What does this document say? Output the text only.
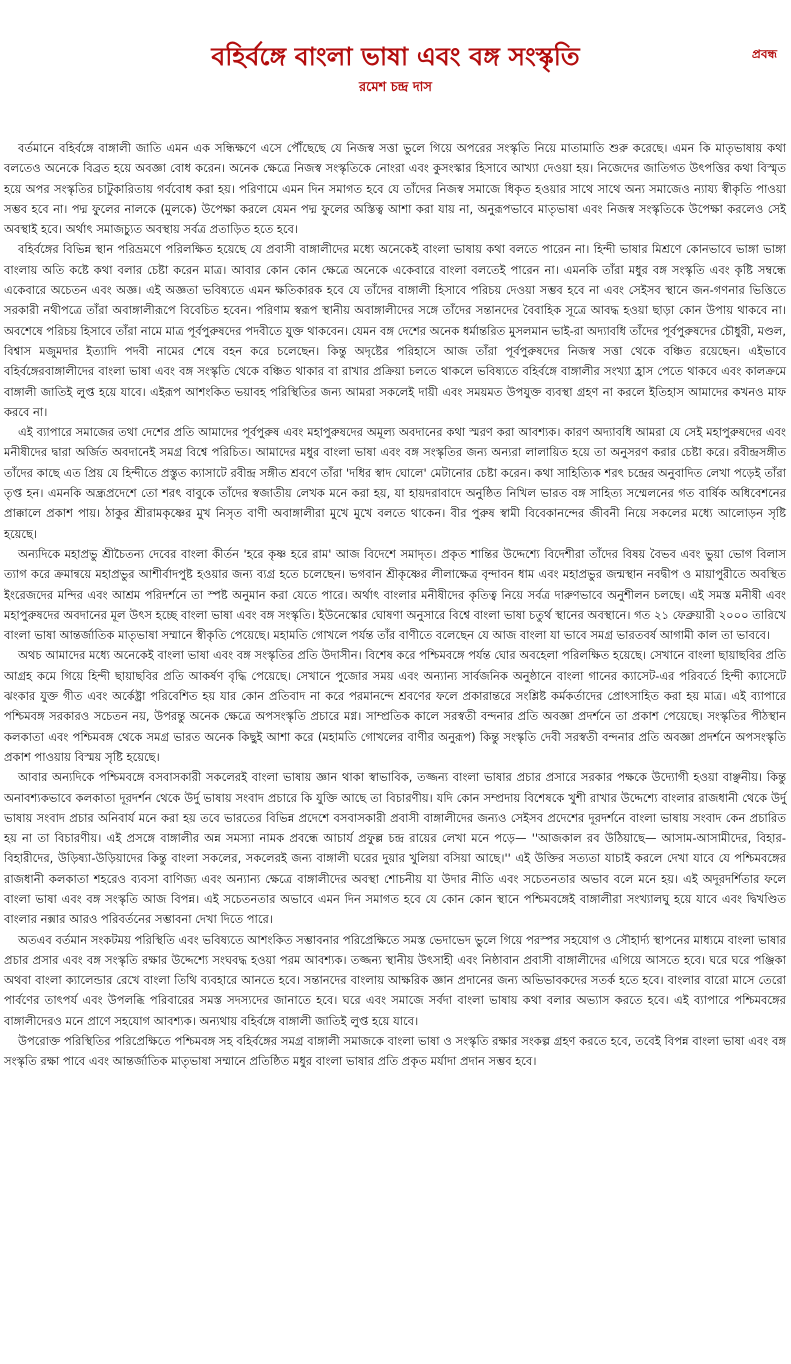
প্রবন্ধ
বহির্বঙ্গে বাংলা ভাষা এবং বঙ্গ সংস্কৃতি
রমেশ চন্দ্র দাস

বর্তমানে বহির্বঙ্গে বাঙ্গালী জাতি এমন এক সন্ধিক্ষণে এসে পৌঁছেছে যে নিজস্ব সত্তা ভুলে গিয়ে অপরের সংস্কৃতি নিয়ে মাতামাতি শুরু করেছে। এমন কি মাতৃভাষায় কথা বলতেও অনেকে বিব্রত হয়ে অবজ্ঞা বোধ করেন। অনেক ক্ষেত্রে নিজস্ব সংস্কৃতিকে নোংরা এবং কুসংস্কার হিসাবে আখ্যা দেওয়া হয়। নিজেদের জাতিগত উৎপত্তির কথা বিস্মৃত হয়ে অপর সংস্কৃতির চাটুকারিতায় গর্ববোধ করা হয়। পরিণামে এমন দিন সমাগত হবে যে তাঁদের নিজস্ব সমাজে ধিকৃত হওয়ার সাথে সাথে অন্য সমাজেও ন্যায্য স্বীকৃতি পাওয়া সম্ভব হবে না। পদ্ম ফুলের নালকে (মুলকে) উপেক্ষা করলে যেমন পদ্ম ফুলের অস্তিত্ব আশা করা যায় না, অনুরূপভাবে মাতৃভাষা এবং নিজস্ব সংস্কৃতিকে উপেক্ষা করলেও সেই অবস্থাই হবে। অর্থাৎ সমাজচ্যুত অবস্থায় সর্বত্র প্রতাড়িত হতে হবে।

বহির্বঙ্গের বিভিন্ন স্থান পরিভ্রমণে পরিলক্ষিত হয়েছে যে প্রবাসী বাঙ্গালীদের মধ্যে অনেকেই বাংলা ভাষায় কথা বলতে পারেন না। হিন্দী ভাষার মিশ্রণে কোনভাবে ভাঙ্গা ভাঙ্গা বাংলায় অতি কষ্টে কথা বলার চেষ্টা করেন মাত্র। আবার কোন কোন ক্ষেত্রে অনেকে একেবারে বাংলা বলতেই পারেন না। এমনকি তাঁরা মধুর বঙ্গ সংস্কৃতি এবং কৃষ্টি সম্বন্ধে একেবারে অচেতন এবং অজ্ঞ। এই অজ্ঞতা ভবিষ্যতে এমন ক্ষতিকারক হবে যে তাঁদের বাঙ্গালী হিসাবে পরিচয় দেওয়া সম্ভব হবে না এবং সেইসব স্থানে জন-গণনার ভিত্তিতে সরকারী নথীপত্রে তাঁরা অবাঙ্গালীরূপে বিবেচিত হবেন। পরিণাম স্বরূপ স্থানীয় অবাঙ্গালীদের সঙ্গে তাঁদের সন্তানদের বৈবাহিক সূত্রে আবদ্ধ হওয়া ছাড়া কোন উপায় থাকবে না। অবশেষে পরিচয় হিসাবে তাঁরা নামে মাত্র পূর্বপুরুষদের পদবীতে যুক্ত থাকবেন। যেমন বঙ্গ দেশের অনেক ধর্মান্তরিত মুসলমান ভাই-রা অদ্যাবধি তাঁদের পূর্বপুরুষদের চৌধুরী, মণ্ডল, বিশ্বাস মজুমদার ইত্যাদি পদবী নামের শেষে বহন করে চলেছেন। কিন্তু অদৃষ্টের পরিহাসে আজ তাঁরা পূর্বপুরুষদের নিজস্ব সত্তা থেকে বঞ্চিত রয়েছেন। এইভাবে বহির্বঙ্গেরবাঙ্গালীদের বাংলা ভাষা এবং বঙ্গ সংস্কৃতি থেকে বঞ্চিত থাকার বা রাখার প্রক্রিয়া চলতে থাকলে ভবিষ্যতে বহির্বঙ্গে বাঙ্গালীর সংখ্যা হ্রাস পেতে থাকবে এবং কালক্রমে বাঙ্গালী জাতিই লুপ্ত হয়ে যাবে। এইরূপ আশংকিত ভয়াবহ পরিস্থিতির জন্য আমরা সকলেই দায়ী এবং সময়মত উপযুক্ত ব্যবস্থা গ্রহণ না করলে ইতিহাস আমাদের কখনও মাফ করবে না।

এই ব্যাপারে সমাজের তথা দেশের প্রতি আমাদের পূর্বপুরুষ এবং মহাপুরুষদের অমূল্য অবদানের কথা স্মরণ করা আবশ্যক। কারণ অদ্যাবধি আমরা যে সেই মহাপুরুষদের এবং মনীষীদের দ্বারা অর্জিত অবদানেই সমগ্র বিশ্বে পরিচিত। আমাদের মধুর বাংলা ভাষা এবং বঙ্গ সংস্কৃতির জন্য অন্যরা লালায়িত হয়ে তা অনুসরণ করার চেষ্টা করে। রবীন্দ্রসঙ্গীত তাঁদের কাছে এত প্রিয় যে হিন্দীতে প্রস্তুত ক্যাসাটে রবীন্দ্র সঙ্গীত শ্রবণে তাঁরা 'দধির স্বাদ ঘোলে' মেটানোর চেষ্টা করেন। কথা সাহিত্যিক শরৎ চন্দ্রের অনুবাদিত লেখা পড়েই তাঁরা তৃপ্ত হন। এমনকি অন্ধ্রপ্রদেশে তো শরৎ বাবুকে তাঁদের স্বজাতীয় লেখক মনে করা হয়, যা হায়দরাবাদে অনুষ্ঠিত নিখিল ভারত বঙ্গ সাহিত্য সম্মেলনের গত বার্ষিক অধিবেশনের প্রাক্কালে প্রকাশ পায়। ঠাকুর শ্রীরামকৃষ্ণের মুখ নিসৃত বাণী অবাঙ্গালীরা মুখে মুখে বলতে থাকেন। বীর পুরুষ স্বামী বিবেকানন্দের জীবনী নিয়ে সকলের মধ্যে আলোড়ন সৃষ্টি হয়েছে।

অন্যদিকে মহাপ্রভু শ্রীচৈতন্য দেবের বাংলা কীর্তন 'হরে কৃষ্ণ হরে রাম' আজ বিদেশে সমাদৃত। প্রকৃত শান্তির উদ্দেশ্যে বিদেশীরা তাঁদের বিষয় বৈভব এবং ভুয়া ভোগ বিলাস ত্যাগ করে ক্রমান্বয়ে মহাপ্রভুর আশীর্বাদপুষ্ট হওয়ার জন্য ব্যগ্র হতে চলেছেন। ভগবান শ্রীকৃষ্ণের লীলাক্ষেত্র বৃন্দাবন ধাম এবং মহাপ্রভুর জন্মস্থান নবদ্বীপ ও মায়াপুরীতে অবস্থিত ইংরেজদের মন্দির এবং আশ্রম পরিদর্শনে তা স্পষ্ট অনুমান করা যেতে পারে। অর্থাৎ বাংলার মনীষীদের কৃতিত্ব নিয়ে সর্বত্র দারুণভাবে অনুশীলন চলছে। এই সমস্ত মনীষী এবং মহাপুরুষদের অবদানের মূল উৎস হচ্ছে বাংলা ভাষা এবং বঙ্গ সংস্কৃতি। ইউনেস্কোর ঘোষণা অনুসারে বিশ্বে বাংলা ভাষা চতুর্থ স্থানের অবস্থানে। গত ২১ ফেব্রুয়ারী ২০০০ তারিখে বাংলা ভাষা আন্তর্জাতিক মাতৃভাষা সম্মানে স্বীকৃতি পেয়েছে। মহামতি গোখলে পর্যন্ত তাঁর বাণীতে বলেছেন যে আজ বাংলা যা ভাবে সমগ্র ভারতবর্ষ আগামী কাল তা ভাববে।

অথচ আমাদের মধ্যে অনেকেই বাংলা ভাষা এবং বঙ্গ সংস্কৃতির প্রতি উদাসীন। বিশেষ করে পশ্চিমবঙ্গে পর্যন্ত ঘোর অবহেলা পরিলক্ষিত হয়েছে। সেখানে বাংলা ছায়াছবির প্রতি আগ্রহ কমে গিয়ে হিন্দী ছায়াছবির প্রতি আকর্ষণ বৃদ্ধি পেয়েছে। সেখানে পুজোর সময় এবং অন্যান্য সার্বজনিক অনুষ্ঠানে বাংলা গানের ক্যাসেট-এর পরিবর্তে হিন্দী ক্যাসেটে ঝংকার যুক্ত গীত এবং অর্কেষ্ট্রা পরিবেশিত হয় যার কোন প্রতিবাদ না করে পরমানন্দে শ্রবণের ফলে প্রকারান্তরে সংশ্লিষ্ট কর্মকর্তাদের প্রোৎসাহিত করা হয় মাত্র। এই ব্যাপারে পশ্চিমবঙ্গ সরকারও সচেতন নয়, উপরন্তু অনেক ক্ষেত্রে অপসংস্কৃতি প্রচারে মগ্ন। সাম্প্রতিক কালে সরস্বতী বন্দনার প্রতি অবজ্ঞা প্রদর্শনে তা প্রকাশ পেয়েছে। সংস্কৃতির পীঠস্থান কলকাতা এবং পশ্চিমবঙ্গ থেকে সমগ্র ভারত অনেক কিছুই আশা করে (মহামতি গোখলের বাণীর অনুরূপ) কিন্তু সংস্কৃতি দেবী সরস্বতী বন্দনার প্রতি অবজ্ঞা প্রদর্শনে অপসংস্কৃতি প্রকাশ পাওয়ায় বিস্ময় সৃষ্টি হয়েছে।

আবার অন্যদিকে পশ্চিমবঙ্গে বসবাসকারী সকলেরই বাংলা ভাষায় জ্ঞান থাকা স্বাভাবিক, তজ্জন্য বাংলা ভাষার প্রচার প্রসারে সরকার পক্ষকে উদ্যোগী হওয়া বাঞ্ছনীয়। কিন্তু অনাবশ্যকভাবে কলকাতা দূরদর্শন থেকে উর্দু ভাষায় সংবাদ প্রচারে কি যুক্তি আছে তা বিচারণীয়। যদি কোন সম্প্রদায় বিশেষকে খুশী রাখার উদ্দেশ্যে বাংলার রাজধানী থেকে উর্দু ভাষায় সংবাদ প্রচার অনিবার্য মনে করা হয় তবে ভারতের বিভিন্ন প্রদেশে বসবাসকারী প্রবাসী বাঙ্গালীদের জন্যও সেইসব প্রদেশের দূরদর্শনে বাংলা ভাষায় সংবাদ কেন প্রচারিত হয় না তা বিচারণীয়। এই প্রসঙ্গে বাঙ্গালীর অন্ন সমস্যা নামক প্রবন্ধে আচার্য প্রফুল্ল চন্দ্র রায়ের লেখা মনে পড়ে— ''আজকাল রব উঠিয়াছে— আসাম-আসামীদের, বিহার-বিহারীদের, উড়িষ্যা-উড়িয়াদের কিন্তু বাংলা সকলের, সকলেরই জন্য বাঙ্গালী ঘরের দুয়ার খুলিয়া বসিয়া আছে।'' এই উক্তির সত্যতা যাচাই করলে দেখা যাবে যে পশ্চিমবঙ্গের রাজধানী কলকাতা শহরেও ব্যবসা বাণিজ্য এবং অন্যান্য ক্ষেত্রে বাঙ্গালীদের অবস্থা শোচনীয় যা উদার নীতি এবং সচেতনতার অভাব বলে মনে হয়। এই অদূরদর্শিতার ফলে বাংলা ভাষা এবং বঙ্গ সংস্কৃতি আজ বিপন্ন। এই সচেতনতার অভাবে এমন দিন সমাগত হবে যে কোন কোন স্থানে পশ্চিমবঙ্গেই বাঙ্গালীরা সংখ্যালঘু হয়ে যাবে এবং দ্বিখণ্ডিত বাংলার নক্সার আরও পরিবর্তনের সম্ভাবনা দেখা দিতে পারে।

অতএব বর্তমান সংকটময় পরিস্থিতি এবং ভবিষ্যতে আশংকিত সম্ভাবনার পরিপ্রেক্ষিতে সমস্ত ভেদাভেদ ভুলে গিয়ে পরস্পর সহযোগ ও সৌহার্দ্য স্থাপনের মাধ্যমে বাংলা ভাষার প্রচার প্রসার এবং বঙ্গ সংস্কৃতি রক্ষার উদ্দেশ্যে সংঘবদ্ধ হওয়া পরম আবশ্যক। তজ্জন্য স্থানীয় উৎসাহী এবং নিষ্ঠাবান প্রবাসী বাঙ্গালীদের এগিয়ে আসতে হবে। ঘরে ঘরে পঞ্জিকা অথবা বাংলা ক্যালেন্ডার রেখে বাংলা তিথি ব্যবহারে আনতে হবে। সন্তানদের বাংলায় আক্ষরিক জ্ঞান প্রদানের জন্য অভিভাবকদের সতর্ক হতে হবে। বাংলার বারো মাসে তেরো পার্বণের তাৎপর্য এবং উপলব্ধি পরিবারের সমস্ত সদস্যদের জানাতে হবে। ঘরে এবং সমাজে সর্বদা বাংলা ভাষায় কথা বলার অভ্যাস করতে হবে। এই ব্যাপারে পশ্চিমবঙ্গের বাঙ্গালীদেরও মনে প্রাণে সহযোগ আবশ্যক। অন্যথায় বহির্বঙ্গে বাঙ্গালী জাতিই লুপ্ত হয়ে যাবে।

উপরোক্ত পরিস্থিতির পরিপ্রেক্ষিতে পশ্চিমবঙ্গ সহ বহির্বঙ্গের সমগ্র বাঙ্গালী সমাজকে বাংলা ভাষা ও সংস্কৃতি রক্ষার সংকল্প গ্রহণ করতে হবে, তবেই বিপন্ন বাংলা ভাষা এবং বঙ্গ সংস্কৃতি রক্ষা পাবে এবং আন্তর্জাতিক মাতৃভাষা সম্মানে প্রতিষ্ঠিত মধুর বাংলা ভাষার প্রতি প্রকৃত মর্যাদা প্রদান সম্ভব হবে।
